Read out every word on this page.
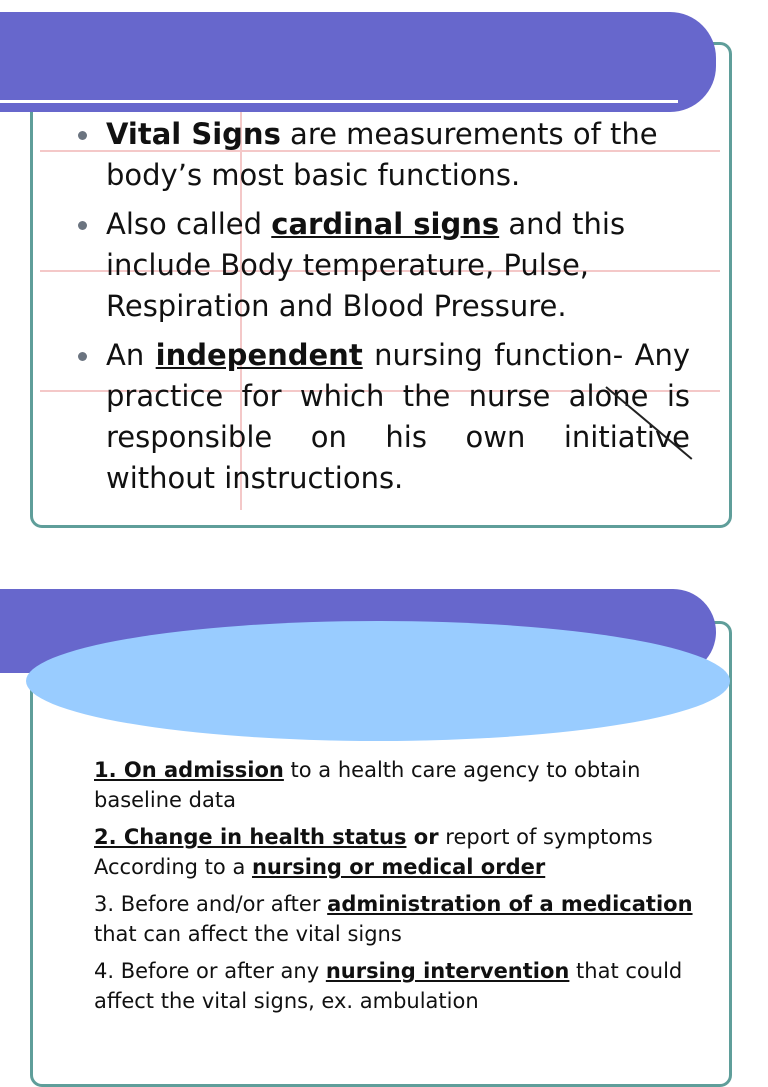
Vital Signs are measurements of the body’s most basic functions.
Also called cardinal signs and this include Body temperature, Pulse, Respiration and Blood Pressure.
An independent nursing function- Any practice for which the nurse alone is responsible on his own initiative without instructions.

1. On admission to a health care agency to obtain baseline data

2. Change in health status or report of symptoms
According to a nursing or medical order

3. Before and/or after administration of a medication that can affect the vital signs

4. Before or after any nursing intervention that could affect the vital signs, ex. ambulation
